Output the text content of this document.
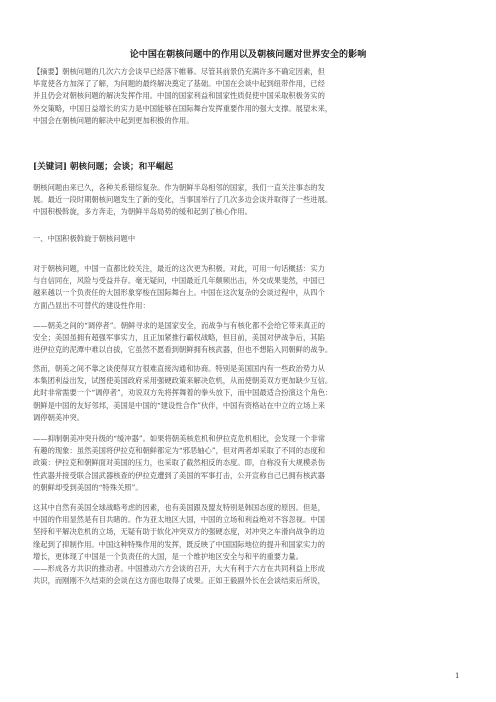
论中国在朝核问题中的作用以及朝核问题对世界安全的影响
【摘要】朝核问题的几次六方会谈早已经落下帷幕。尽管其前景仍充满许多不确定因素，但
毕竟使各方加深了了解，为问题的最终解决奠定了基础。中国在会谈中起到纽带作用，已经
并且仍会对朝核问题的解决发挥作用。中国的国家利益和国家性质促使中国采取积极务实的
外交策略，中国日益增长的实力是中国能够在国际舞台发挥重要作用的强大支撑。展望未来，
中国会在朝核问题的解决中起到更加积极的作用。
[关键词] 朝核问题；会谈；和平崛起
朝核问题由来已久，各种关系错综复杂。作为朝鲜半岛相邻的国家，我们一直关注事态的发
展。最近一段时期朝核问题发生了新的变化，当事国举行了几次多边会谈并取得了一些进展。
中国积极斡旋，多方奔走，为朝鲜半岛局势的缓和起到了核心作用。
一、中国积极斡旋于朝核问题中
对于朝核问题，中国一直都比较关注，最近的这次更为积极。对此，可用一句话概括：实力
与自信同在，风险与受益并存。毫无疑问，中国最近几年颇频出击，外交成果斐然，中国已
越来越以一个负责任的大国形象穿梭在国际舞台上。中国在这次复杂的会谈过程中，从四个
方面凸显出不可替代的建设性作用：
——朝美之间的“调停者”。朝鲜寻求的是国家安全，而战争与有核化都不会给它带来真正的
安全；美国虽拥有超强军事实力，且正加紧推行霸权战略，但目前，美国对伊战争后，其陷
进伊拉克的泥潭中难以自拔，它虽然不愿看到朝鲜拥有核武器，但也不想陷入同朝鲜的战争。
然而，朝美之间不靠之谈使得双方很难直接沟通和协商。特别是美国国内有一些政治势力从
本集团利益出发，试图使美国政府采用强硬政策来解决危机，从而使朝美双方更加缺少互信。
此时非常需要一个“调停者”，劝说双方先将挥舞着的拳头放下，而中国最适合扮演这个角色：
朝鲜是中国的友好邻邦，美国是中国的“建设性合作”伙伴，中国有资格站在中立的立场上来
调停朝美冲突。
——抑制朝美冲突升级的“缓冲器”。如果将朝美核危机和伊拉克危机相比，会发现一个非常
有趣的现象：虽然美国将伊拉克和朝鲜都定为“邪恶轴心”，但对两者却采取了不同的态度和
政策：伊拉克和朝鲜面对美国的压力，也采取了截然相反的态度。即，自称没有大规模杀伤
性武器并接受联合国武器核查的伊拉克遭到了美国的军事打击，公开宣称自己已拥有核武器
的朝鲜却受到美国的“特殊关照”。
这其中自然有美国全球战略考虑的因素，也有美国跟及盟友特别是韩国态度的原因。但是，
中国的作用显然是有目共睹的。作为亚太地区大国，中国的立场和利益绝对不容忽视。中国
坚持和平解决危机的立场，无疑有助于软化冲突双方的强硬态度，对冲突之车滑向战争的边
缘起到了抑制作用。中国这种特殊作用的发挥，既反映了中国国际地位的提升和国家实力的
增长，更体现了中国是一个负责任的大国，是一个维护地区安全与和平的重要力量。
——形成各方共识的推动者。中国推动六方会谈的召开，大大有利于六方在共同利益上形成
共识，而刚刚不久结束的会谈在这方面也取得了成果。正如王毅副外长在会谈结束后所说，
1
